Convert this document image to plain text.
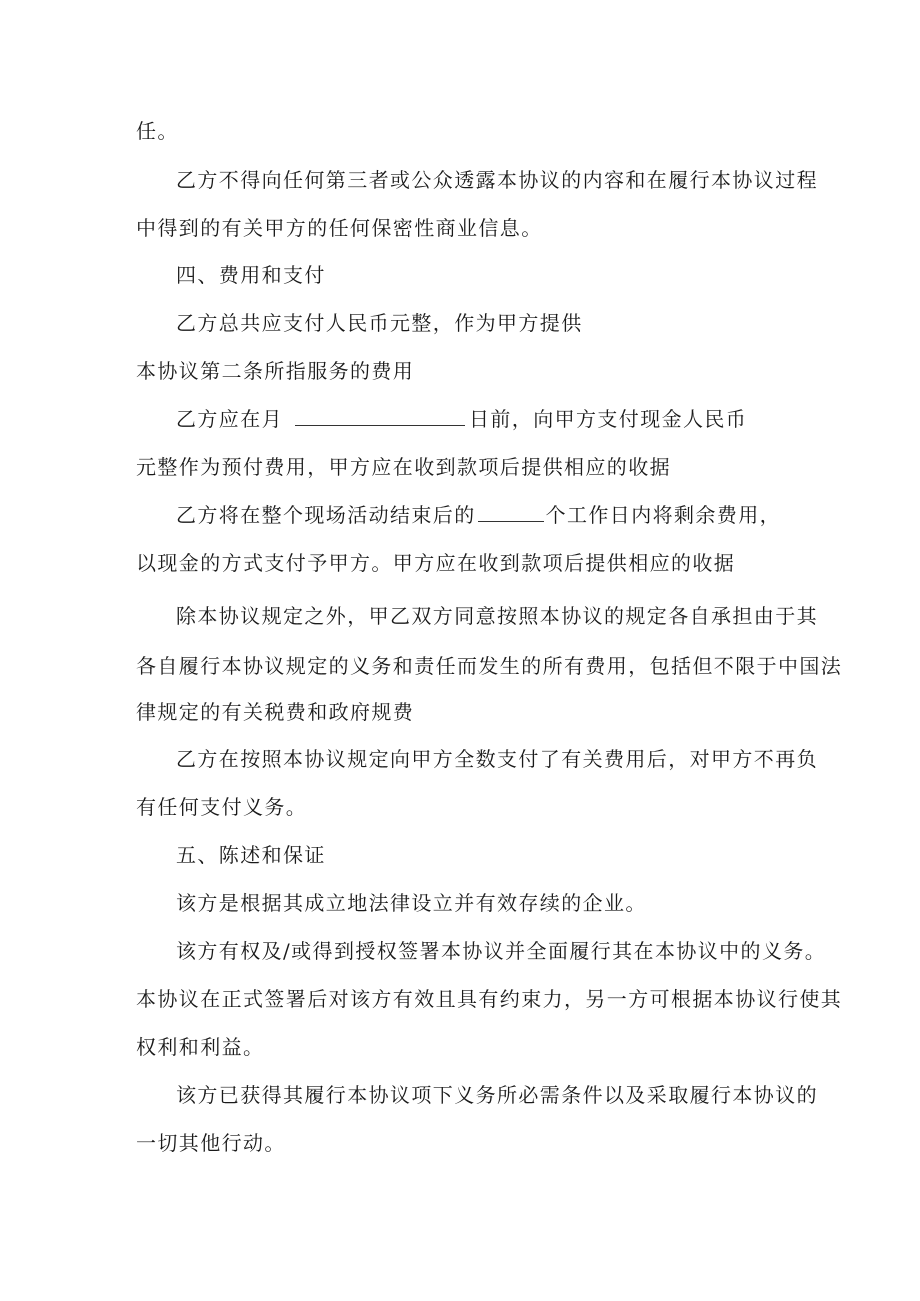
任。
乙方不得向任何第三者或公众透露本协议的内容和在履行本协议过程
中得到的有关甲方的任何保密性商业信息。
四、费用和支付
乙方总共应支付人民币元整，作为甲方提供
本协议第二条所指服务的费用
乙方应在月	日前，向甲方支付现金人民币
元整作为预付费用，甲方应在收到款项后提供相应的收据
乙方将在整个现场活动结束后的	个工作日内将剩余费用，
以现金的方式支付予甲方。甲方应在收到款项后提供相应的收据
除本协议规定之外，甲乙双方同意按照本协议的规定各自承担由于其
各自履行本协议规定的义务和责任而发生的所有费用，包括但不限于中国法
律规定的有关税费和政府规费
乙方在按照本协议规定向甲方全数支付了有关费用后，对甲方不再负
有任何支付义务。
五、陈述和保证
该方是根据其成立地法律设立并有效存续的企业。
该方有权及/或得到授权签署本协议并全面履行其在本协议中的义务。
本协议在正式签署后对该方有效且具有约束力，另一方可根据本协议行使其
权利和利益。
该方已获得其履行本协议项下义务所必需条件以及采取履行本协议的
一切其他行动。
